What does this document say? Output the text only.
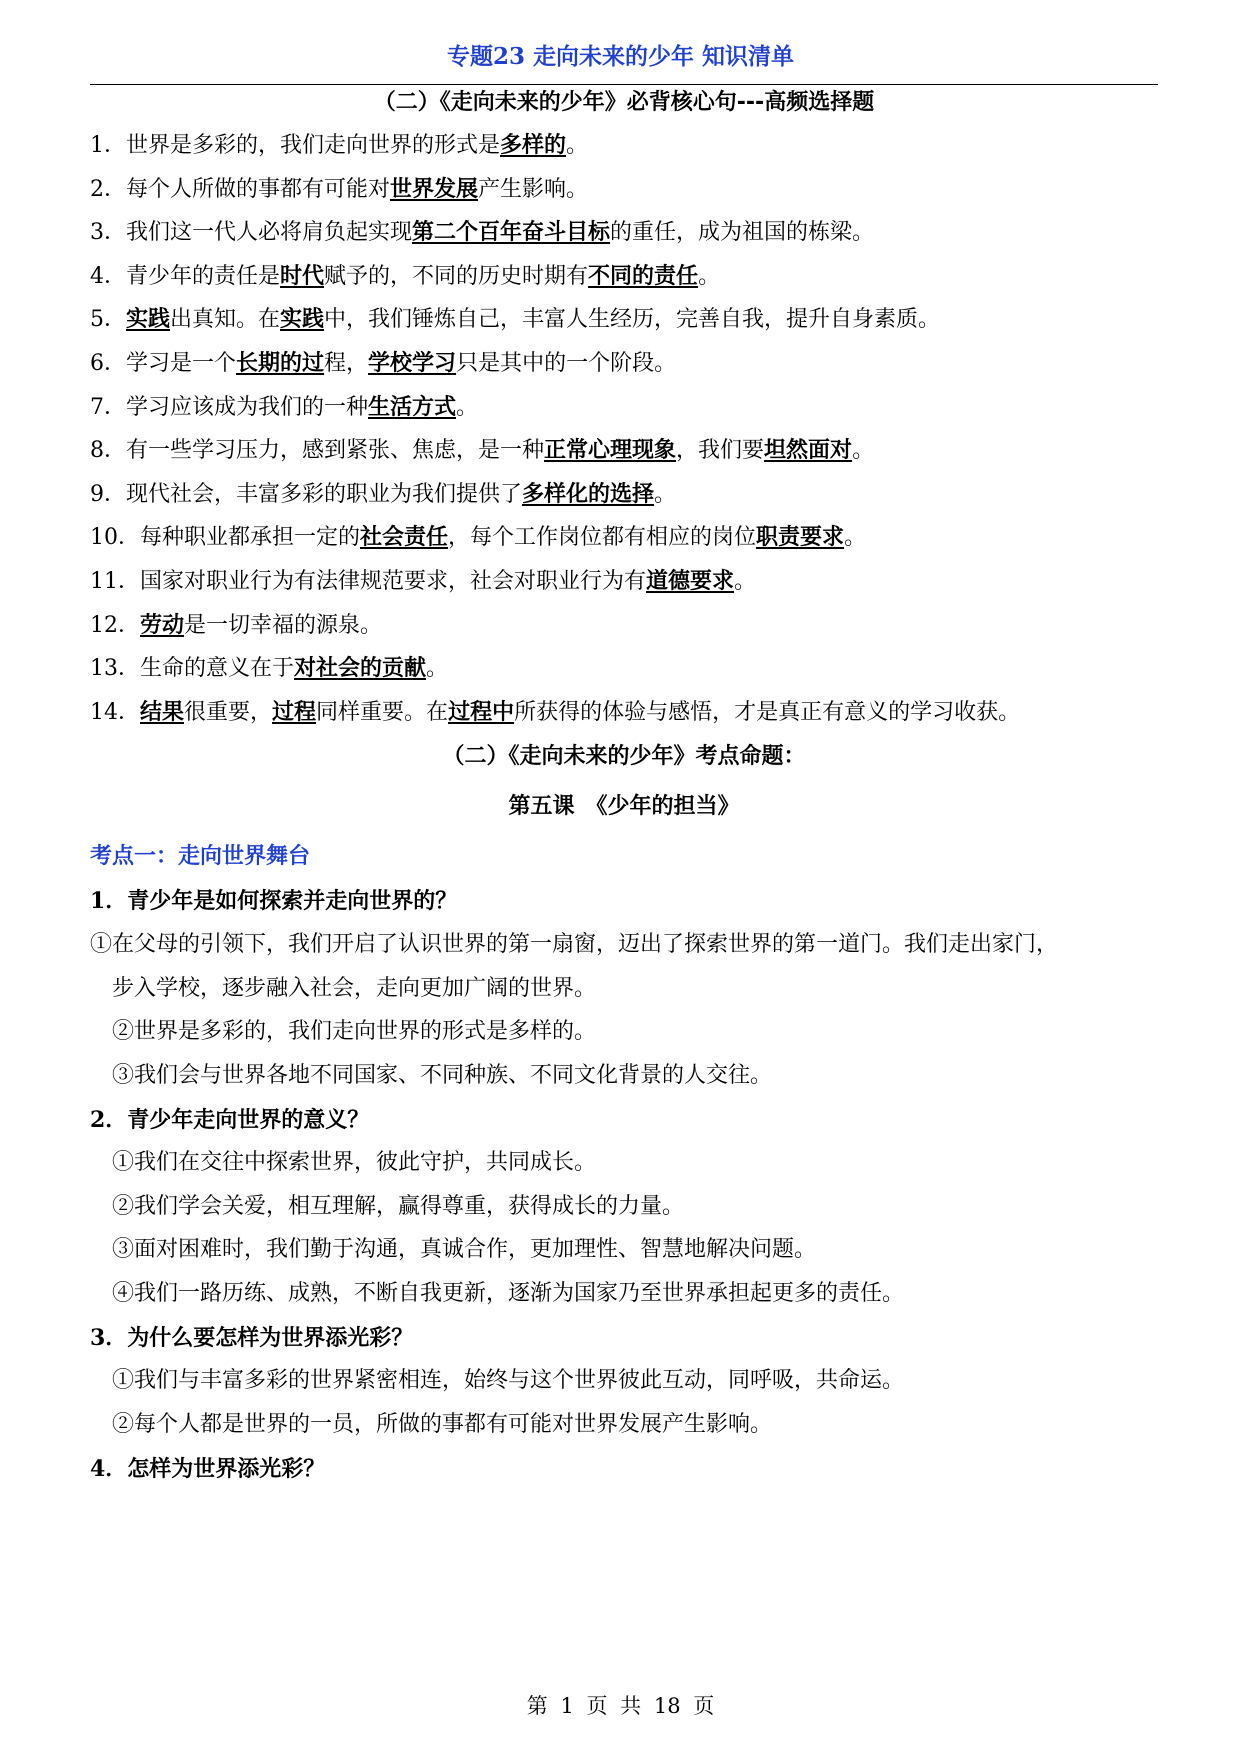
专题23 走向未来的少年 知识清单
（二）《走向未来的少年》必背核心句---高频选择题
1．世界是多彩的，我们走向世界的形式是多样的。
2．每个人所做的事都有可能对世界发展产生影响。
3．我们这一代人必将肩负起实现第二个百年奋斗目标的重任，成为祖国的栋梁。
4．青少年的责任是时代赋予的，不同的历史时期有不同的责任。
5．实践出真知。在实践中，我们锤炼自己，丰富人生经历，完善自我，提升自身素质。
6．学习是一个长期的过程，学校学习只是其中的一个阶段。
7．学习应该成为我们的一种生活方式。
8．有一些学习压力，感到紧张、焦虑，是一种正常心理现象，我们要坦然面对。
9．现代社会，丰富多彩的职业为我们提供了多样化的选择。
10．每种职业都承担一定的社会责任，每个工作岗位都有相应的岗位职责要求。
11．国家对职业行为有法律规范要求，社会对职业行为有道德要求。
12．劳动是一切幸福的源泉。
13．生命的意义在于对社会的贡献。
14．结果很重要，过程同样重要。在过程中所获得的体验与感悟，才是真正有意义的学习收获。
（二）《走向未来的少年》考点命题：
第五课　《少年的担当》
考点一：走向世界舞台
1．青少年是如何探索并走向世界的？
①在父母的引领下，我们开启了认识世界的第一扇窗，迈出了探索世界的第一道门。我们走出家门，
步入学校，逐步融入社会，走向更加广阔的世界。
②世界是多彩的，我们走向世界的形式是多样的。
③我们会与世界各地不同国家、不同种族、不同文化背景的人交往。
2．青少年走向世界的意义？
①我们在交往中探索世界，彼此守护，共同成长。
②我们学会关爱，相互理解，赢得尊重，获得成长的力量。
③面对困难时，我们勤于沟通，真诚合作，更加理性、智慧地解决问题。
④我们一路历练、成熟，不断自我更新，逐渐为国家乃至世界承担起更多的责任。
3．为什么要怎样为世界添光彩？
①我们与丰富多彩的世界紧密相连，始终与这个世界彼此互动，同呼吸，共命运。
②每个人都是世界的一员，所做的事都有可能对世界发展产生影响。
4．怎样为世界添光彩？
第 1 页 共 18 页
